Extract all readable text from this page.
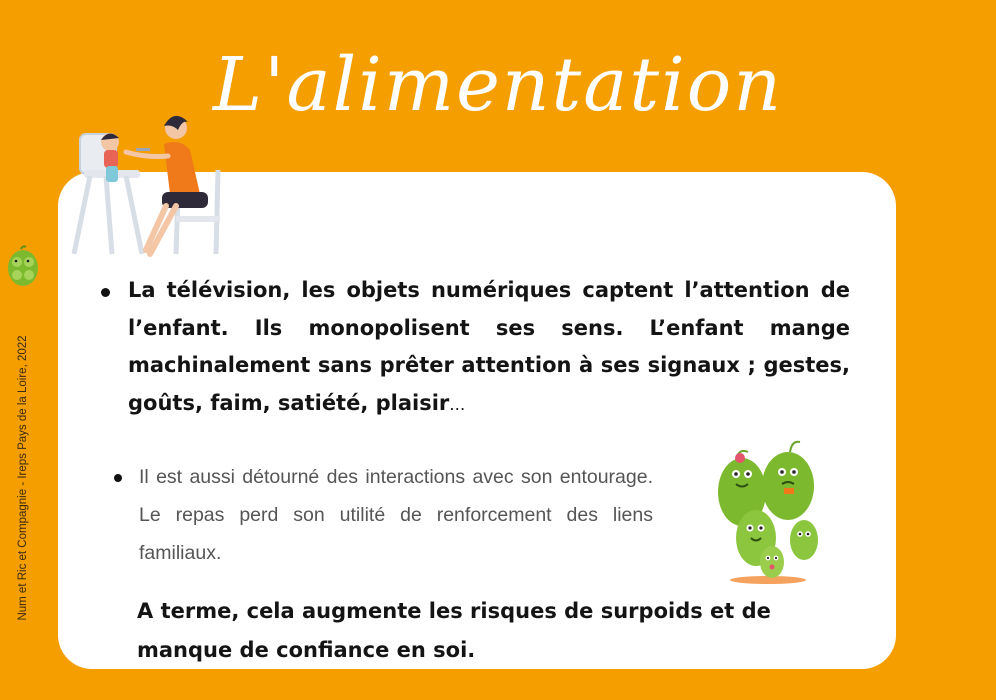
L'alimentation
Num et Ric et Compagnie - Ireps Pays de la Loire, 2022
La télévision, les objets numériques captent l’attention de l’enfant. Ils monopolisent ses sens. L’enfant mange machinalement sans prêter attention à ses signaux ; gestes, goûts, faim, satiété, plaisir…
Il est aussi détourné des interactions avec son entourage. Le repas perd son utilité de renforcement des liens familiaux.
A terme, cela augmente les risques de surpoids et de manque de confiance en soi.
